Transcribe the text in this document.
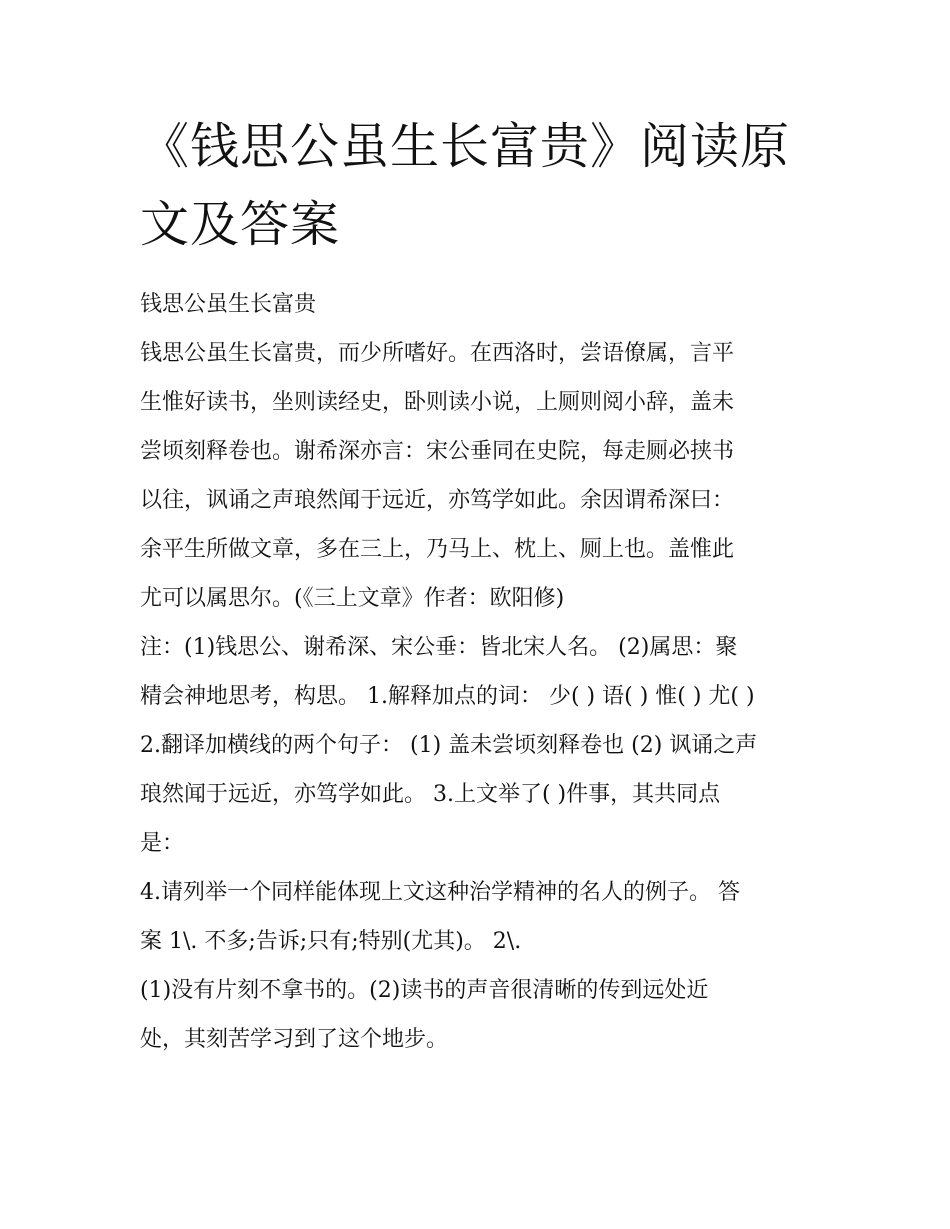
《钱思公虽生长富贵》阅读原文及答案
钱思公虽生长富贵
钱思公虽生长富贵，而少所嗜好。在西洛时，尝语僚属，言平
生惟好读书，坐则读经史，卧则读小说，上厕则阅小辞，盖未
尝顷刻释卷也。谢希深亦言：宋公垂同在史院，每走厕必挟书
以往，讽诵之声琅然闻于远近，亦笃学如此。余因谓希深曰：
余平生所做文章，多在三上，乃马上、枕上、厕上也。盖惟此
尤可以属思尔。(《三上文章》作者：欧阳修)
注：(1)钱思公、谢希深、宋公垂：皆北宋人名。 (2)属思：聚
精会神地思考，构思。 1.解释加点的词： 少( ) 语( ) 惟( ) 尤( )
2.翻译加横线的两个句子： (1) 盖未尝顷刻释卷也 (2) 讽诵之声
琅然闻于远近，亦笃学如此。 3.上文举了( )件事，其共同点
是：
4.请列举一个同样能体现上文这种治学精神的名人的例子。 答
案 1\. 不多;告诉;只有;特别(尤其)。 2\.
(1)没有片刻不拿书的。(2)读书的声音很清晰的传到远处近
处，其刻苦学习到了这个地步。
